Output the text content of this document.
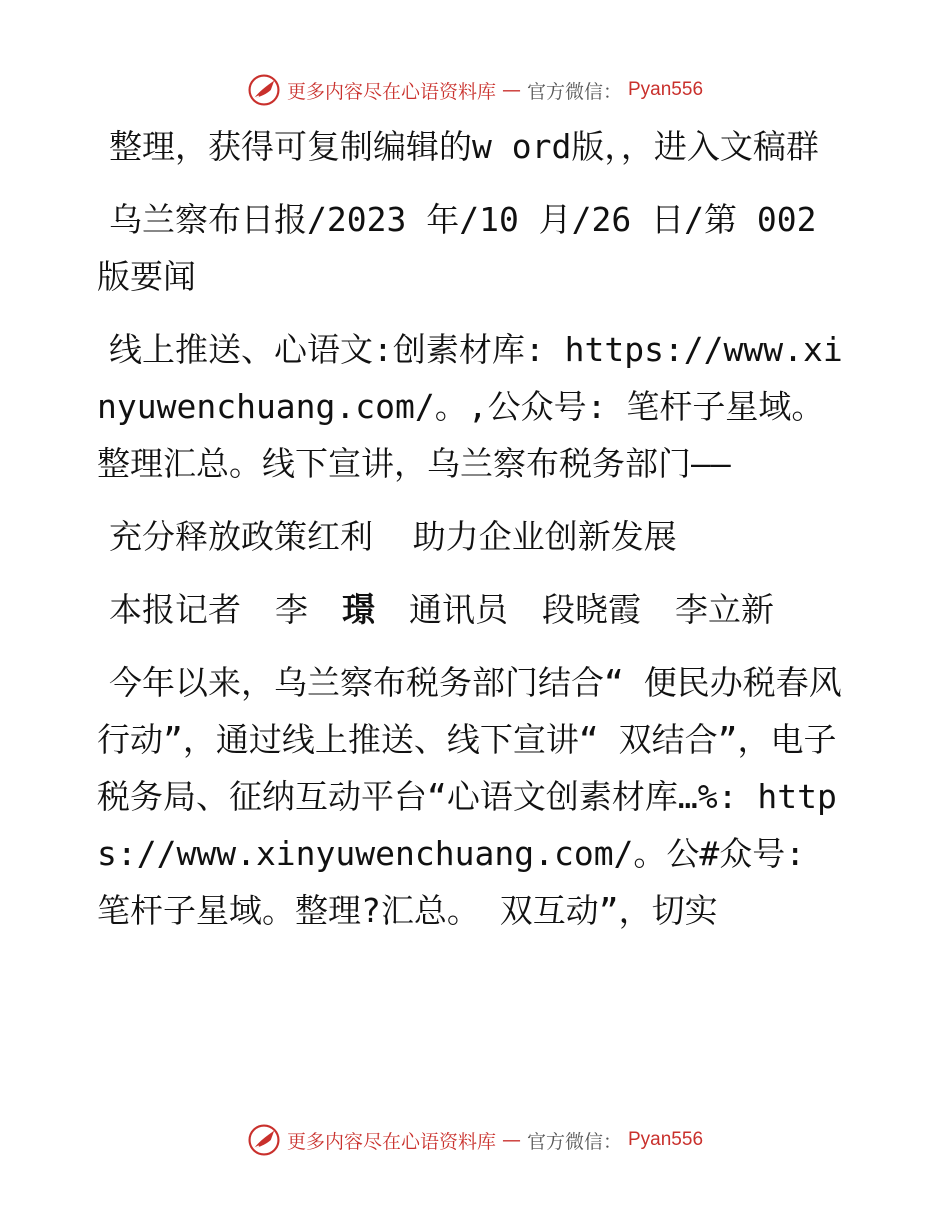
更多内容尽在心语资料库 — 官方微信： Pyan556

整理，获得可复制编辑的w ord版，，进入文稿群

乌兰察布日报/2023 年/10 月/26 日/第 002 版要闻

线上推送、心语文:创素材库: https://www.xinyuwenchuang.com/。,公众号: 笔杆子星域。整理汇总。线下宣讲，乌兰察布税务部门——

充分释放政策红利  助力企业创新发展

本报记者 李 璟 通讯员 段晓霞 李立新

今年以来，乌兰察布税务部门结合“ 便民办税春风行动”，通过线上推送、线下宣讲“ 双结合”，电子税务局、征纳互动平台“心语文创素材库…%: https://www.xinyuwenchuang.com/。公#众号: 笔杆子星域。整理?汇总。 双互动”，切实

更多内容尽在心语资料库 — 官方微信： Pyan556
